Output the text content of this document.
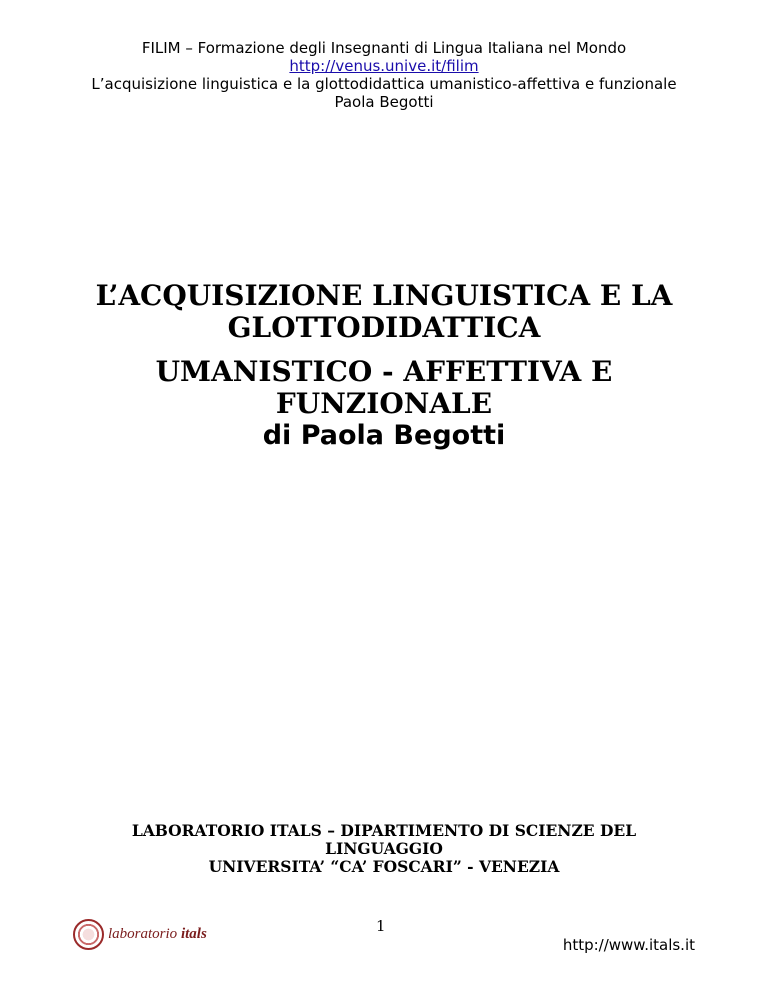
FILIM – Formazione degli Insegnanti di Lingua Italiana nel Mondo
http://venus.unive.it/filim
L’acquisizione linguistica e la glottodidattica umanistico-affettiva e funzionale
Paola Begotti
L’ACQUISIZIONE LINGUISTICA E LA
GLOTTODIDATTICA
UMANISTICO - AFFETTIVA E
FUNZIONALE
di Paola Begotti
LABORATORIO ITALS – DIPARTIMENTO DI SCIENZE DEL
LINGUAGGIO
UNIVERSITA’ “CA’ FOSCARI” - VENEZIA
laboratorio itals	1
http://www.itals.it
